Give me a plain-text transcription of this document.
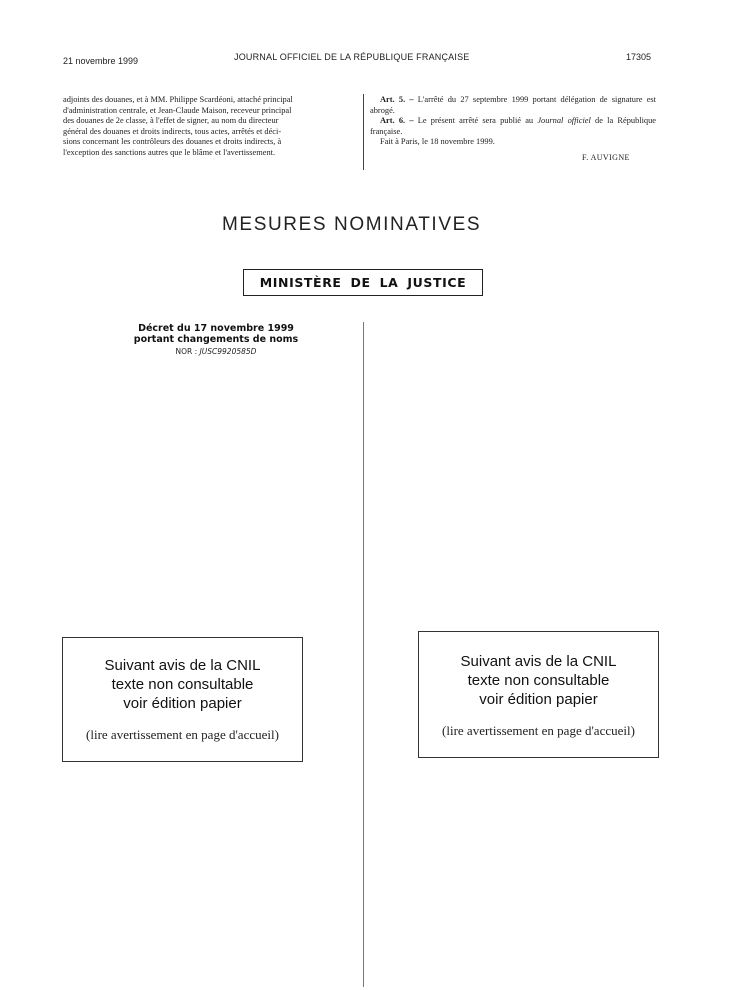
21 novembre 1999	JOURNAL OFFICIEL DE LA RÉPUBLIQUE FRANÇAISE	17305

adjoints des douanes, et à MM. Philippe Scardéoni, attaché principal

d'administration centrale, et Jean-Claude Maison, receveur principal

des douanes de 2e classe, à l'effet de signer, au nom du directeur

général des douanes et droits indirects, tous actes, arrêtés et déci-

sions concernant les contrôleurs des douanes et droits indirects, à

l'exception des sanctions autres que le blâme et l'avertissement.

Art. 5. – L'arrêté du 27 septembre 1999 portant délégation de signature est abrogé.

Art. 6. – Le présent arrêté sera publié au Journal officiel de la République française.

Fait à Paris, le 18 novembre 1999.

F. AUVIGNE
MESURES NOMINATIVES
MINISTÈRE DE LA JUSTICE
Décret du 17 novembre 1999
portant changements de noms
NOR : JUSC9920585D
Suivant avis de la CNIL
texte non consultable
voir édition papier
(lire avertissement en page d'accueil)
Suivant avis de la CNIL
texte non consultable
voir édition papier
(lire avertissement en page d'accueil)
